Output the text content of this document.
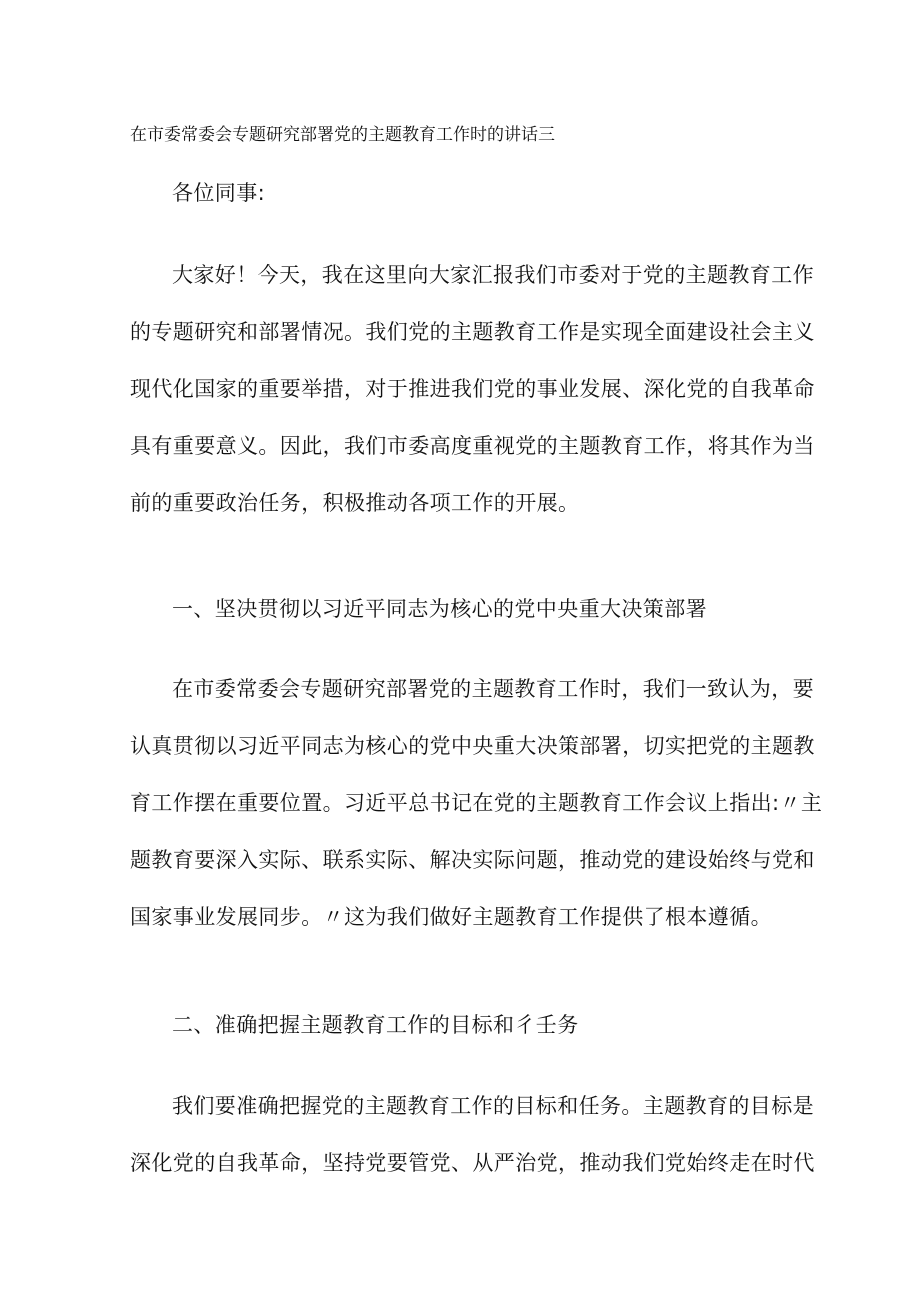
在市委常委会专题研究部署党的主题教育工作时的讲话三

各位同事:

大家好！今天，我在这里向大家汇报我们市委对于党的主题教育工作
的专题研究和部署情况。我们党的主题教育工作是实现全面建设社会主义
现代化国家的重要举措，对于推进我们党的事业发展、深化党的自我革命
具有重要意义。因此，我们市委高度重视党的主题教育工作，将其作为当
前的重要政治任务，积极推动各项工作的开展。

一、坚决贯彻以习近平同志为核心的党中央重大决策部署

在市委常委会专题研究部署党的主题教育工作时，我们一致认为，要
认真贯彻以习近平同志为核心的党中央重大决策部署，切实把党的主题教
育工作摆在重要位置。习近平总书记在党的主题教育工作会议上指出:〃主
题教育要深入实际、联系实际、解决实际问题，推动党的建设始终与党和
国家事业发展同步。〃这为我们做好主题教育工作提供了根本遵循。

二、准确把握主题教育工作的目标和彳壬务

我们要准确把握党的主题教育工作的目标和任务。主题教育的目标是
深化党的自我革命，坚持党要管党、从严治党，推动我们党始终走在时代
